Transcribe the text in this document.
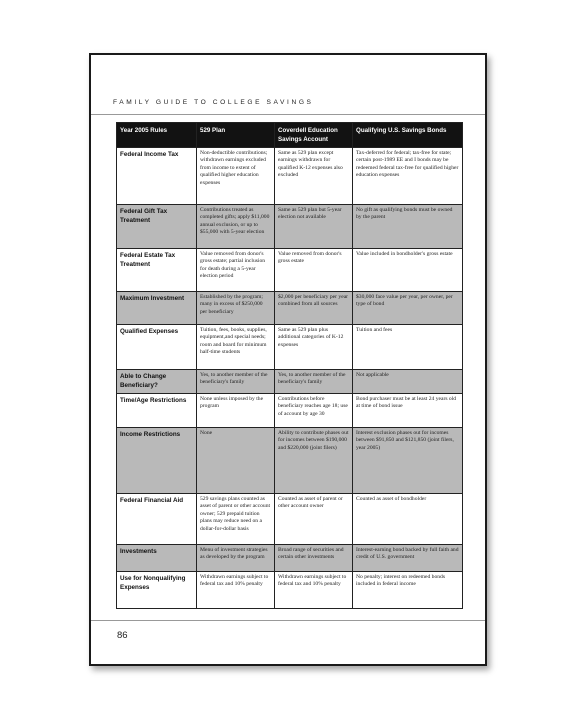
FAMILY GUIDE TO COLLEGE SAVINGS
Year 2005 Rules	529 Plan	Coverdell Education Savings Account	Qualifying U.S. Savings Bonds
Federal Income Tax	Non-deductible contributions; withdrawn earnings excluded from income to extent of qualified higher education expenses	Same as 529 plan except earnings withdrawn for qualified K-12 expenses also excluded	Tax-deferred for federal; tax-free for state; certain post-1989 EE and I bonds may be redeemed federal tax-free for qualified higher education expenses
Federal Gift Tax Treatment	Contributions treated as completed gifts; apply $11,000 annual exclusion, or up to $55,000 with 5-year election	Same as 529 plan but 5-year election not available	No gift as qualifying bonds must be owned by the parent
Federal Estate Tax Treatment	Value removed from donor's gross estate; partial inclusion for death during a 5-year election period	Value removed from donor's gross estate	Value included in bondholder's gross estate
Maximum Investment	Established by the program; many in excess of $250,000 per beneficiary	$2,000 per beneficiary per year combined from all sources	$30,000 face value per year, per owner, per type of bond
Qualified Expenses	Tuition, fees, books, supplies, equipment,and special needs; room and board for minimum half-time students	Same as 529 plan plus additional categories of K-12 expenses	Tuition and fees
Able to Change Beneficiary?	Yes, to another member of the beneficiary's family	Yes, to another member of the beneficiary's family	Not applicable
Time/Age Restrictions	None unless imposed by the program	Contributions before beneficiary reaches age 18; use of account by age 30	Bond purchaser must be at least 24 years old at time of bond issue
Income Restrictions	None	Ability to contribute phases out for incomes between $190,000 and $220,000 (joint filers)	Interest exclusion phases out for incomes between $91,850 and $121,850 (joint filers, year 2005)
Federal Financial Aid	529 savings plans counted as asset of parent or other account owner; 529 prepaid tuition plans may reduce need on a dollar-for-dollar basis	Counted as asset of parent or other account owner	Counted as asset of bondholder
Investments	Menu of investment strategies as developed by the program	Broad range of securities and certain other investments	Interest-earning bond backed by full faith and credit of U.S. government
Use for Nonqualifying Expenses	Withdrawn earnings subject to federal tax and 10% penalty	Withdrawn earnings subject to federal tax and 10% penalty	No penalty; interest on redeemed bonds included in federal income
86
